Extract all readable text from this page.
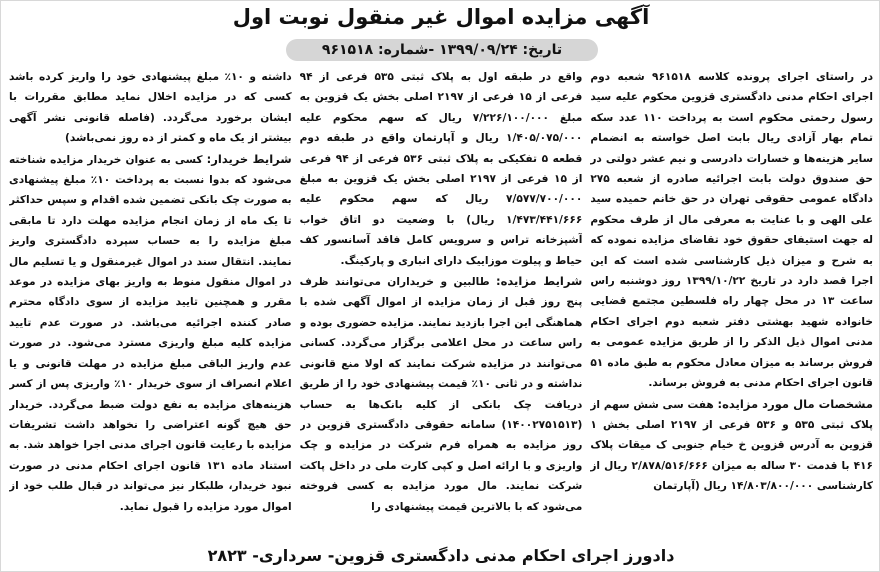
آگهی مزایده اموال غیر منقول نوبت اول
تاریخ: ۱۳۹۹/۰۹/۲۴ -شماره: ۹۶۱۵۱۸

در راستای اجرای پرونده کلاسه ۹۶۱۵۱۸ شعبه دوم اجرای احکام مدنی دادگستری قزوین محکوم علیه سید رسول رحمتی محکوم است به پرداخت ۱۱۰ عدد سکه تمام بهار آزادی ریال بابت اصل خواسته به انضمام سایر هزینه‌ها و خسارات دادرسی و نیم عشر دولتی در حق صندوق دولت بابت اجرائیه صادره از شعبه ۲۷۵ دادگاه عمومی حقوقی تهران در حق خانم حمیده سید علی الهی و با عنایت به معرفی مال از طرف محکوم له جهت استیفای حقوق خود تقاضای مزایده نموده که به شرح و میزان ذیل کارشناسی شده است که این اجرا قصد دارد در تاریخ ۱۳۹۹/۱۰/۲۲ روز دوشنبه راس ساعت ۱۳ در محل چهار راه فلسطین مجتمع قضایی خانواده شهید بهشتی دفتر شعبه دوم اجرای احکام مدنی اموال ذیل الذکر را از طریق مزایده عمومی به فروش برساند به میزان معادل محکوم به طبق ماده ۵۱ قانون اجرای احکام مدنی به فروش برساند.

مشخصات مال مورد مزایده: هفت سی شش سهم از پلاک ثبتی ۵۳۵ و ۵۳۶ فرعی از ۲۱۹۷ اصلی بخش ۱ قزوین به آدرس قزوین خ خیام جنوبی ک میقات پلاک ۴۱۶ با قدمت ۳۰ ساله به میزان ۲/۸۷۸/۵۱۶/۶۶۶ ریال از کارشناسی ۱۴/۸۰۳/۸۰۰/۰۰۰ ریال (آپارتمان

واقع در طبقه اول به پلاک ثبتی ۵۳۵ فرعی از ۹۴ فرعی از ۱۵ فرعی از ۲۱۹۷ اصلی بخش یک قزوین به مبلغ ۷/۲۲۶/۱۰۰/۰۰۰ ریال که سهم محکوم علیه ۱/۴۰۵/۰۷۵/۰۰۰ ریال و آپارتمان واقع در طبقه دوم قطعه ۵ تفکیکی به پلاک ثبتی ۵۳۶ فرعی از ۹۴ فرعی از ۱۵ فرعی از ۲۱۹۷ اصلی بخش یک قزوین به مبلغ ۷/۵۷۷/۷۰۰/۰۰۰ ریال که سهم محکوم علیه ۱/۴۷۳/۴۴۱/۶۶۶ ریال) با وضعیت دو اتاق خواب آشپزخانه تراس و سرویس کامل فاقد آسانسور کف حیاط و پیلوت موزاییک دارای انباری و پارکینگ.

شرایط مزایده: طالبین و خریداران می‌توانند ظرف پنج روز قبل از زمان مزایده از اموال آگهی شده با هماهنگی این اجرا بازدید نمایند. مزایده حضوری بوده و راس ساعت در محل اعلامی برگزار می‌گردد. کسانی می‌توانند در مزایده شرکت نمایند که اولا منع قانونی نداشته و در ثانی ۱۰٪ قیمت پیشنهادی خود را از طریق دریافت چک بانکی از کلیه بانک‌ها به حساب (۱۴۰۰۲۷۵۱۵۱۳) سامانه حقوقی دادگستری قزوین در روز مزایده به همراه فرم شرکت در مزایده و چک واریزی و با ارائه اصل و کپی کارت ملی در داخل پاکت شرکت نمایند. مال مورد مزایده به کسی فروخته می‌شود که با بالاترین قیمت پیشنهادی را

داشته و ۱۰٪ مبلغ پیشنهادی خود را واریز کرده باشد کسی که در مزایده اخلال نماید مطابق مقررات با ایشان برخورد می‌گردد. (فاصله قانونی نشر آگهی بیشتر از یک ماه و کمتر از ده روز نمی‌باشد)

شرایط خریدار: کسی به عنوان خریدار مزایده شناخته می‌شود که بدوا نسبت به پرداخت ۱۰٪ مبلغ پیشنهادی به صورت چک بانکی تضمین شده اقدام و سپس حداکثر تا یک ماه از زمان انجام مزایده مهلت دارد تا مابقی مبلغ مزایده را به حساب سپرده دادگستری واریز نمایند. انتقال سند در اموال غیرمنقول و یا تسلیم مال در اموال منقول منوط به واریز بهای مزایده در موعد مقرر و همچنین تایید مزایده از سوی دادگاه محترم صادر کننده اجرائیه می‌باشد. در صورت عدم تایید مزایده کلیه مبلغ واریزی مسترد می‌شود. در صورت عدم واریز الباقی مبلغ مزایده در مهلت قانونی و یا اعلام انصراف از سوی خریدار ۱۰٪ واریزی پس از کسر هزینه‌های مزایده به نفع دولت ضبط می‌گردد. خریدار حق هیچ گونه اعتراضی را نخواهد داشت تشریفات مزایده با رعایت قانون اجرای مدنی اجرا خواهد شد. به استناد ماده ۱۳۱ قانون اجرای احکام مدنی در صورت نبود خریدار، طلبکار نیز می‌تواند در قبال طلب خود از اموال مورد مزایده را قبول نماید.

دادورز اجرای احکام مدنی دادگستری قزوین- سرداری- ۲۸۲۳
